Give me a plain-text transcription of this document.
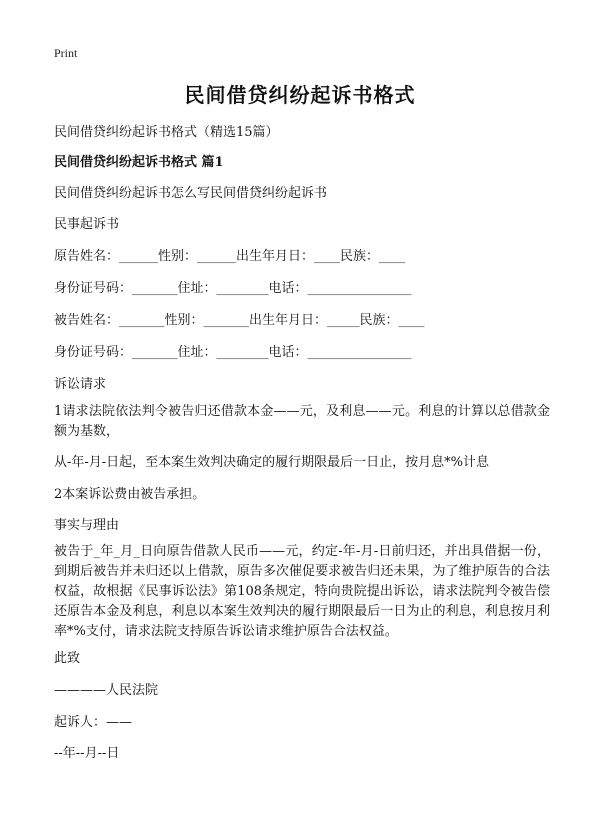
Print
民间借贷纠纷起诉书格式
民间借贷纠纷起诉书格式（精选15篇）
民间借贷纠纷起诉书格式 篇1
民间借贷纠纷起诉书怎么写民间借贷纠纷起诉书
民事起诉书
原告姓名：______性别：______出生年月日：____民族：____
身份证号码：_______住址：________电话：________________
被告姓名：_______性别：_______出生年月日：_____民族：____
身份证号码：_______住址：________电话：________________
诉讼请求
1请求法院依法判令被告归还借款本金——元，及利息——元。利息的计算以总借款金额为基数，
从-年-月-日起，至本案生效判决确定的履行期限最后一日止，按月息*%计息
2本案诉讼费由被告承担。
事实与理由
被告于_年_月_日向原告借款人民币——元，约定-年-月-日前归还，并出具借据一份，到期后被告并未归还以上借款，原告多次催促要求被告归还未果，为了维护原告的合法权益，故根据《民事诉讼法》第108条规定，特向贵院提出诉讼，请求法院判令被告偿还原告本金及利息，利息以本案生效判决的履行期限最后一日为止的利息，利息按月利率*%支付，请求法院支持原告诉讼请求维护原告合法权益。
此致
————人民法院
起诉人：——
--年--月--日
